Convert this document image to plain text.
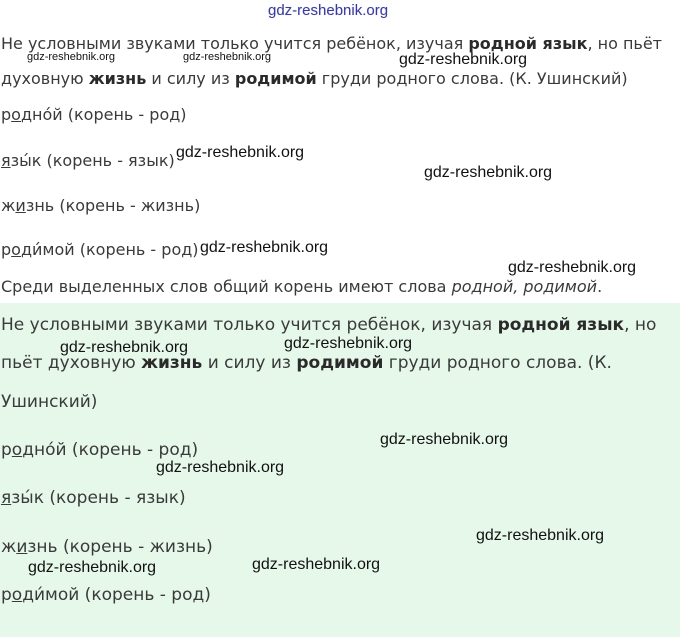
gdz-reshebnik.org
Не условными звуками только учится ребёнок, изучая родной язык, но пьёт
духовную жизнь и силу из родимой груди родного слова. (К. Ушинский)
родно́й (корень - род)
язы́к (корень - язык)
жизнь (корень - жизнь)
роди́мой (корень - род)
Среди выделенных слов общий корень имеют слова родной, родимой.
Не условными звуками только учится ребёнок, изучая родной язык, но
пьёт духовную жизнь и силу из родимой груди родного слова. (К.
Ушинский)
родно́й (корень - род)
язы́к (корень - язык)
жизнь (корень - жизнь)
роди́мой (корень - род)
gdz-reshebnik.org	gdz-reshebnik.org	gdz-reshebnik.org
gdz-reshebnik.org
gdz-reshebnik.org
gdz-reshebnik.org
gdz-reshebnik.org
gdz-reshebnik.org
gdz-reshebnik.org
gdz-reshebnik.org
gdz-reshebnik.org
gdz-reshebnik.org
gdz-reshebnik.org
gdz-reshebnik.org
